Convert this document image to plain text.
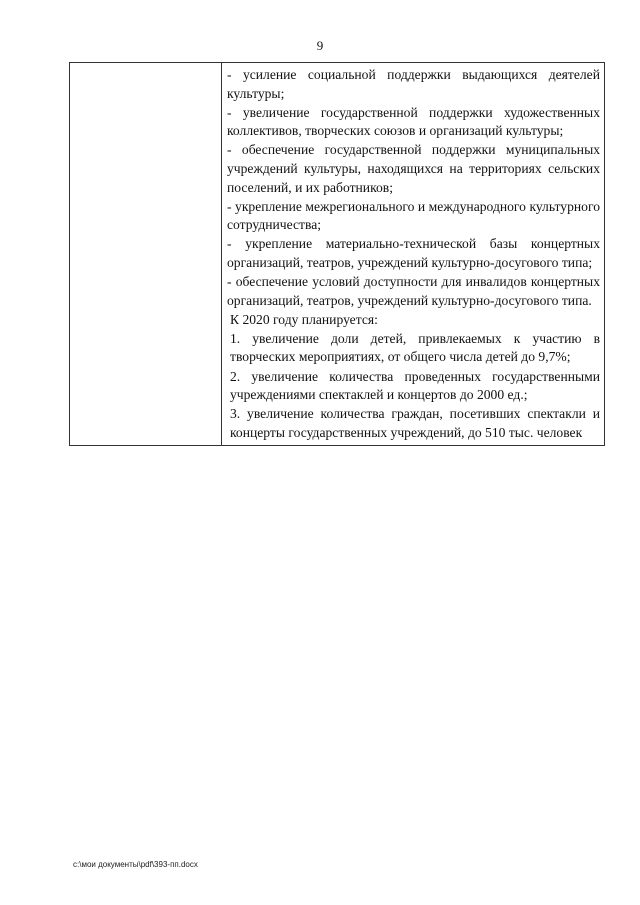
9

- усиление социальной поддержки выдающихся деятелей культуры;

- увеличение государственной поддержки художественных коллективов, творческих союзов и организаций культуры;

- обеспечение государственной поддержки муниципальных учреждений культуры, находящихся на территориях сельских поселений, и их работников;

- укрепление межрегионального и международного культурного сотрудничества;

- укрепление материально-технической базы концертных организаций, театров, учреждений культурно-досугового типа;

- обеспечение условий доступности для инвалидов концертных организаций, театров, учреждений культурно-досугового типа.

К 2020 году планируется:

1. увеличение доли детей, привлекаемых к участию в творческих мероприятиях, от общего числа детей до 9,7%;

2. увеличение количества проведенных государственными учреждениями спектаклей и концертов до 2000 ед.;

3. увеличение количества граждан, посетивших спектакли и концерты государственных учреждений, до 510 тыс. человек

c:\мои документы\pdf\393-пп.docx
